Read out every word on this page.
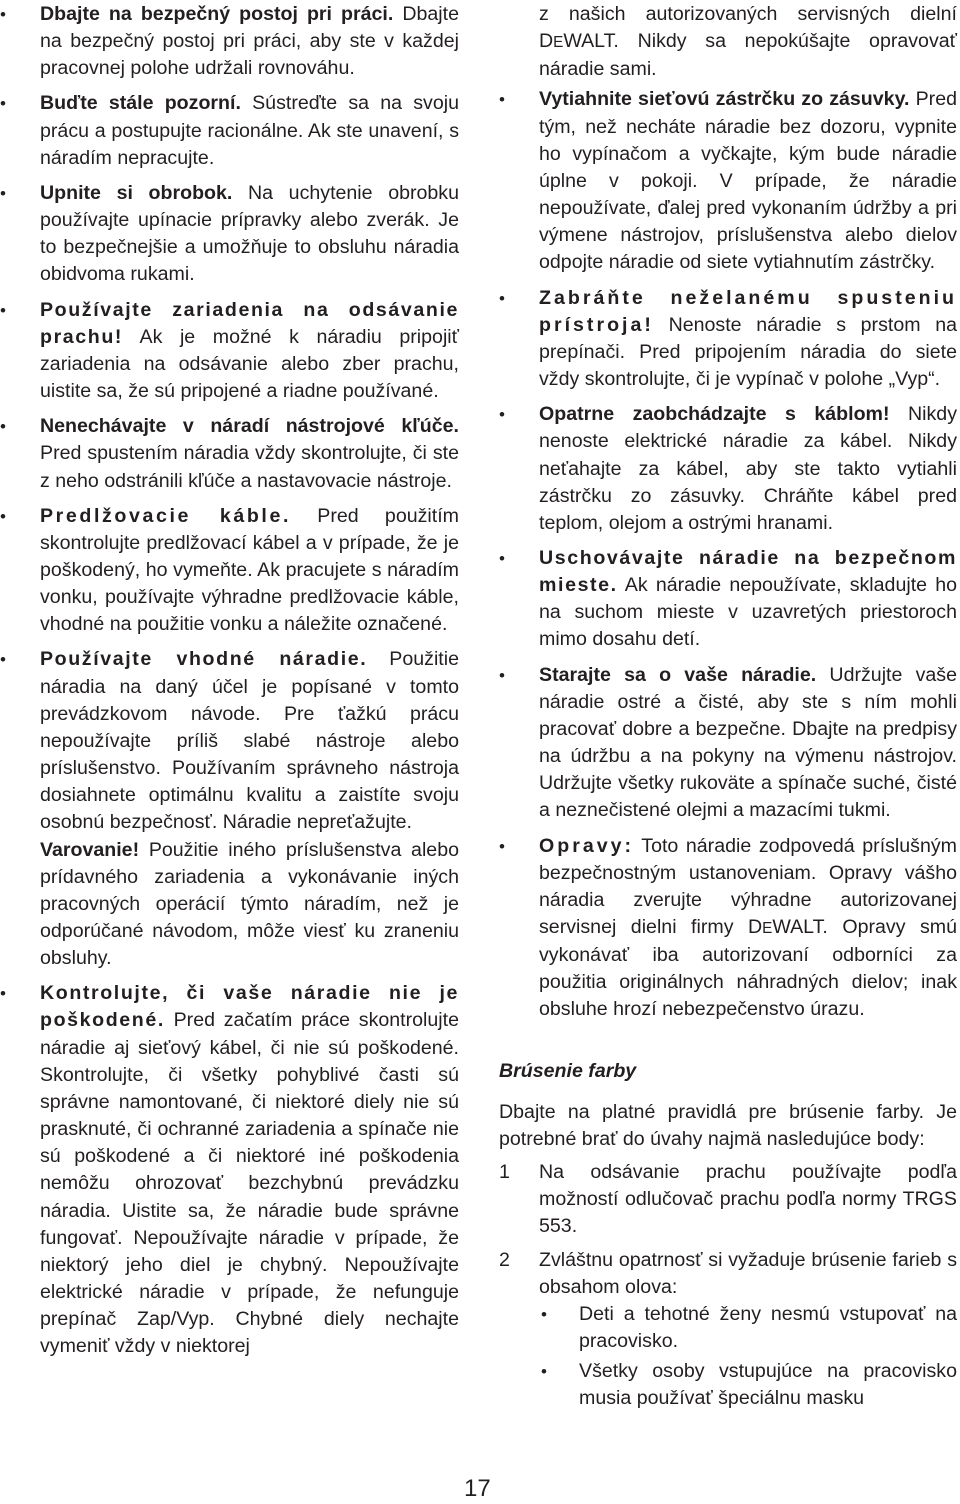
• Dbajte na bezpečný postoj pri práci. Dbajte na bezpečný postoj pri práci, aby ste v každej pracovnej polohe udržali rovnováhu.
• Buďte stále pozorní. Sústreďte sa na svoju prácu a postupujte racionálne. Ak ste unavení, s náradím nepracujte.
• Upnite si obrobok. Na uchytenie obrobku používajte upínacie prípravky alebo zverák. Je to bezpečnejšie a umožňuje to obsluhu náradia obidvoma rukami.
• Používajte zariadenia na odsávanie prachu! Ak je možné k náradiu pripojiť zariadenia na odsávanie alebo zber prachu, uistite sa, že sú pripojené a riadne používané.
• Nenechávajte v náradí nástrojové kľúče. Pred spustením náradia vždy skontrolujte, či ste z neho odstránili kľúče a nastavovacie nástroje.
• Predlžovacie káble. Pred použitím skontrolujte predlžovací kábel a v prípade, že je poškodený, ho vymeňte. Ak pracujete s náradím vonku, používajte výhradne predlžovacie káble, vhodné na použitie vonku a náležite označené.

• Používajte vhodné náradie. Použitie náradia na daný účel je popísané v tomto prevádzkovom návode. Pre ťažkú prácu nepoužívajte príliš slabé nástroje alebo príslušenstvo. Používaním správneho nástroja dosiahnete optimálnu kvalitu a zaistíte svoju osobnú bezpečnosť. Náradie nepreťažujte.

Varovanie! Použitie iného príslušenstva alebo prídavného zariadenia a vykonávanie iných pracovných operácií týmto náradím, než je odporúčané návodom, môže viesť ku zraneniu obsluhy.

• Kontrolujte, či vaše náradie nie je poškodené. Pred začatím práce skontrolujte náradie aj sieťový kábel, či nie sú poškodené. Skontrolujte, či všetky pohyblivé časti sú správne namontované, či niektoré diely nie sú prasknuté, či ochranné zariadenia a spínače nie sú poškodené a či niektoré iné poškodenia nemôžu ohrozovať bezchybnú prevádzku náradia. Uistite sa, že náradie bude správne fungovať. Nepoužívajte náradie v prípade, že niektorý jeho diel je chybný. Nepoužívajte elektrické náradie v prípade, že nefunguje prepínač Zap/Vyp. Chybné diely nechajte vymeniť vždy v niektorej

z našich autorizovaných servisných dielní DEWALT. Nikdy sa nepokúšajte opravovať náradie sami.

• Vytiahnite sieťovú zástrčku zo zásuvky. Pred tým, než necháte náradie bez dozoru, vypnite ho vypínačom a vyčkajte, kým bude náradie úplne v pokoji. V prípade, že náradie nepoužívate, ďalej pred vykonaním údržby a pri výmene nástrojov, príslušenstva alebo dielov odpojte náradie od siete vytiahnutím zástrčky.
• Zabráňte neželanému spusteniu prístroja! Nenoste náradie s prstom na prepínači. Pred pripojením náradia do siete vždy skontrolujte, či je vypínač v polohe „Vyp“.
• Opatrne zaobchádzajte s káblom! Nikdy nenoste elektrické náradie za kábel. Nikdy neťahajte za kábel, aby ste takto vytiahli zástrčku zo zásuvky. Chráňte kábel pred teplom, olejom a ostrými hranami.
• Uschovávajte náradie na bezpečnom mieste. Ak náradie nepoužívate, skladujte ho na suchom mieste v uzavretých priestoroch mimo dosahu detí.
• Starajte sa o vaše náradie. Udržujte vaše náradie ostré a čisté, aby ste s ním mohli pracovať dobre a bezpečne. Dbajte na predpisy na údržbu a na pokyny na výmenu nástrojov. Udržujte všetky rukoväte a spínače suché, čisté a neznečistené olejmi a mazacími tukmi.
• Opravy: Toto náradie zodpovedá príslušným bezpečnostným ustanoveniam. Opravy vášho náradia zverujte výhradne autorizovanej servisnej dielni firmy DEWALT. Opravy smú vykonávať iba autorizovaní odborníci za použitia originálnych náhradných dielov; inak obsluhe hrozí nebezpečenstvo úrazu.
Brúsenie farby

Dbajte na platné pravidlá pre brúsenie farby. Je potrebné brať do úvahy najmä nasledujúce body:

1 Na odsávanie prachu používajte podľa možností odlučovač prachu podľa normy TRGS 553.
2 Zvláštnu opatrnosť si vyžaduje brúsenie farieb s obsahom olova:
• Deti a tehotné ženy nesmú vstupovať na pracovisko.
• Všetky osoby vstupujúce na pracovisko musia používať špeciálnu masku
17
